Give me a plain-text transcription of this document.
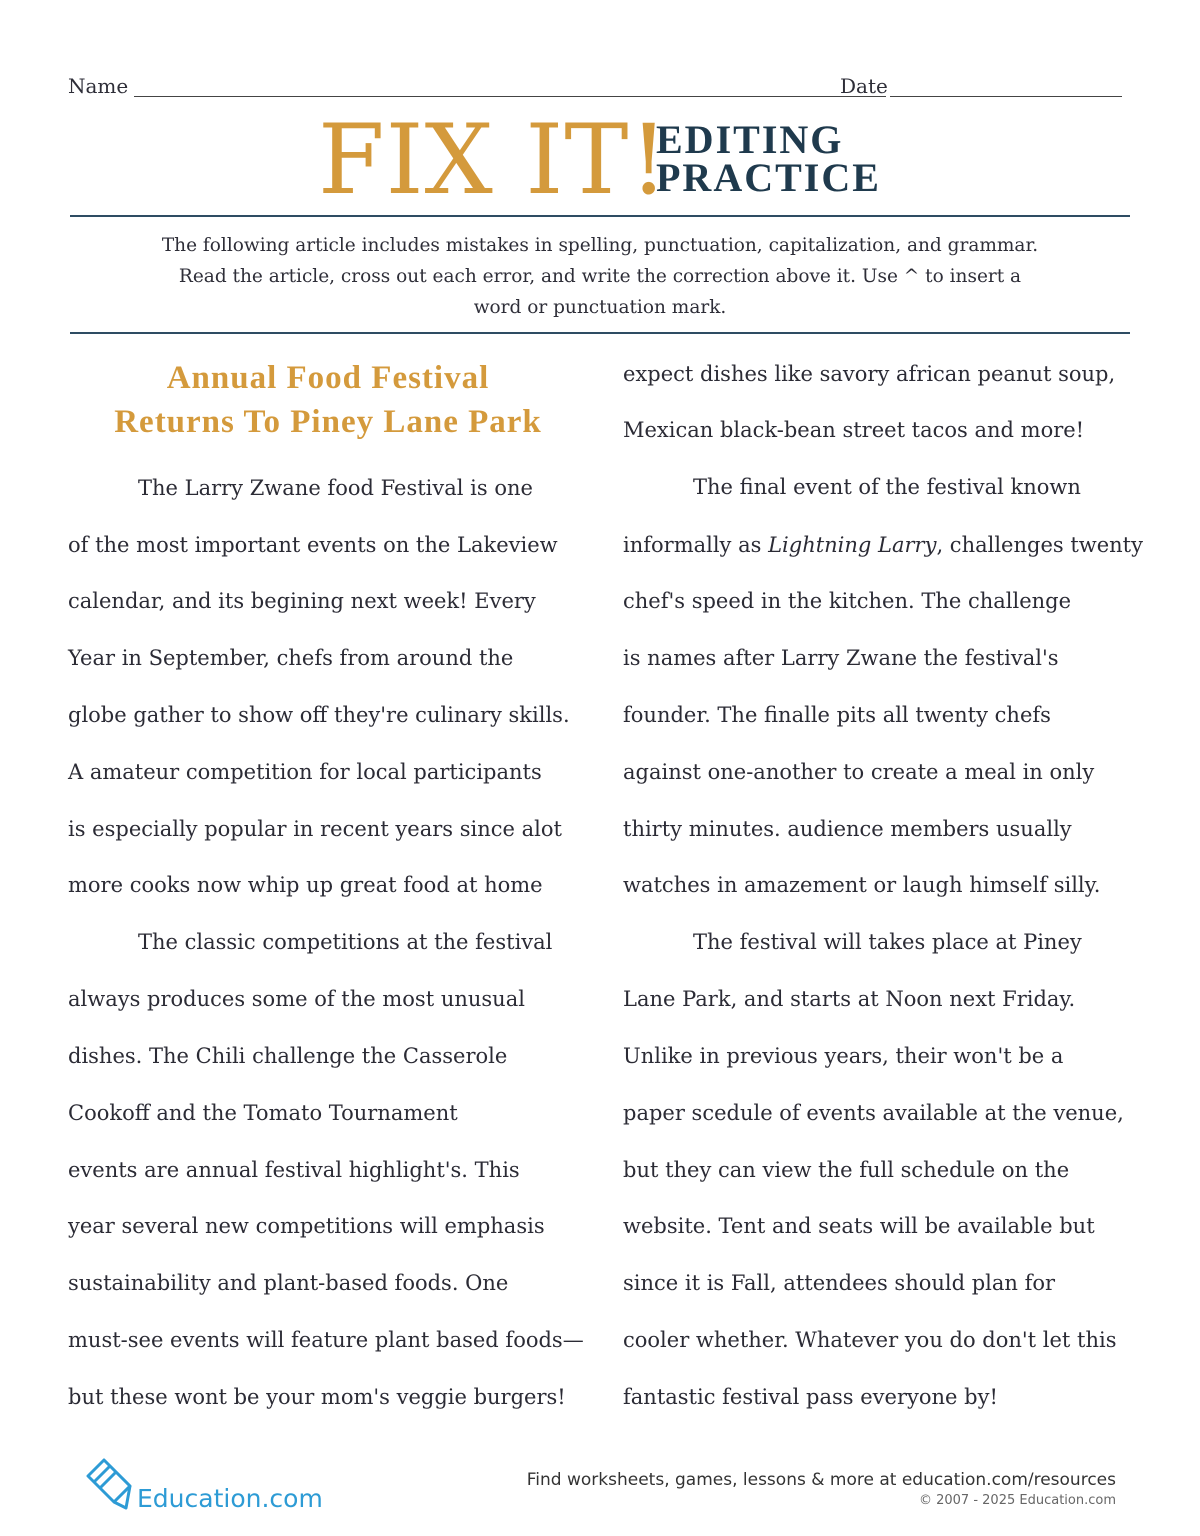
Name	Date
FIX IT!
EDITING
PRACTICE
The following article includes mistakes in spelling, punctuation, capitalization, and grammar.
Read the article, cross out each error, and write the correction above it. Use ^ to insert a
word or punctuation mark.
Annual Food Festival
Returns To Piney Lane Park
The Larry Zwane food Festival is one
of the most important events on the Lakeview
calendar, and its begining next week! Every
Year in September, chefs from around the
globe gather to show off they're culinary skills.
A amateur competition for local participants
is especially popular in recent years since alot
more cooks now whip up great food at home
The classic competitions at the festival
always produces some of the most unusual
dishes. The Chili challenge the Casserole
Cookoff and the Tomato Tournament
events are annual festival highlight's. This
year several new competitions will emphasis
sustainability and plant-based foods. One
must-see events will feature plant based foods—
but these wont be your mom's veggie burgers!
expect dishes like savory african peanut soup,
Mexican black-bean street tacos and more!
The final event of the festival known
informally as Lightning Larry, challenges twenty
chef's speed in the kitchen. The challenge
is names after Larry Zwane the festival's
founder. The finalle pits all twenty chefs
against one-another to create a meal in only
thirty minutes. audience members usually
watches in amazement or laugh himself silly.
The festival will takes place at Piney
Lane Park, and starts at Noon next Friday.
Unlike in previous years, their won't be a
paper scedule of events available at the venue,
but they can view the full schedule on the
website. Tent and seats will be available but
since it is Fall, attendees should plan for
cooler whether. Whatever you do don't let this
fantastic festival pass everyone by!
Education.com
Find worksheets, games, lessons & more at education.com/resources
© 2007 - 2025 Education.com
